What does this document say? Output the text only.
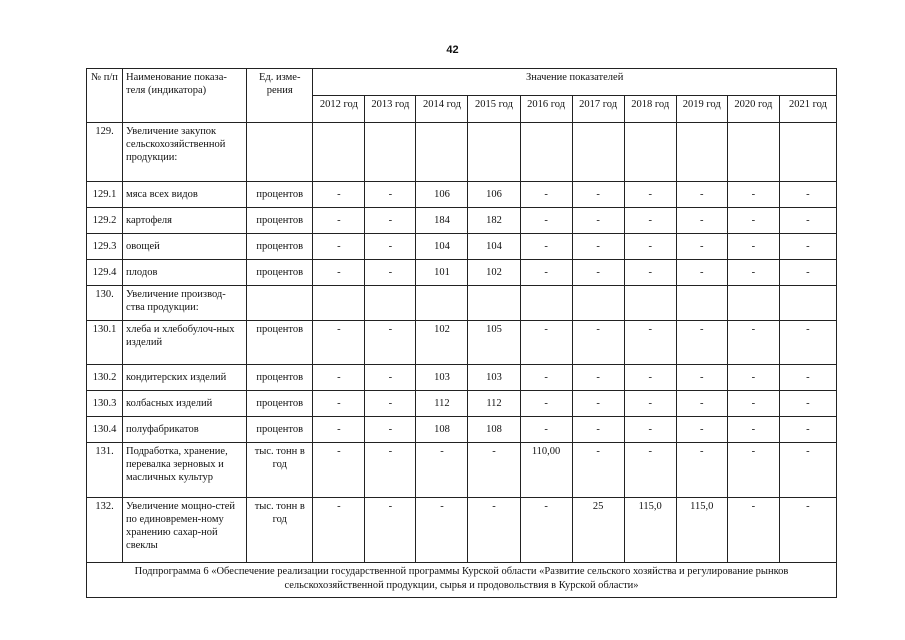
42
№ п/п	Наименование показа-теля (индикатора)	Ед. изме-рения	Значение показателей									
			2012 год	2013 год	2014 год	2015 год	2016 год	2017 год	2018 год	2019 год	2020 год	2021 год
129.	Увеличение закупок сельскохозяйственной продукции:											
129.1	мяса всех видов	процентов	-	-	106	106	-	-	-	-	-	-
129.2	картофеля	процентов	-	-	184	182	-	-	-	-	-	-
129.3	овощей	процентов	-	-	104	104	-	-	-	-	-	-
129.4	плодов	процентов	-	-	101	102	-	-	-	-	-	-
130.	Увеличение производ-ства продукции:											
130.1	хлеба и хлебобулоч-ных изделий	процентов	-	-	102	105	-	-	-	-	-	-
130.2	кондитерских изделий	процентов	-	-	103	103	-	-	-	-	-	-
130.3	колбасных изделий	процентов	-	-	112	112	-	-	-	-	-	-
130.4	полуфабрикатов	процентов	-	-	108	108	-	-	-	-	-	-
131.	Подработка, хранение, перевалка зерновых и масличных культур	тыс. тонн в год	-	-	-	-	110,00	-	-	-	-	-
132.	Увеличение мощно-стей по единовремен-ному хранению сахар-ной свеклы	тыс. тонн в год	-	-	-	-	-	25	115,0	115,0	-	-
Подпрограмма 6 «Обеспечение реализации государственной программы Курской области «Развитие сельского хозяйства и регулирование рынков сельскохозяйственной продукции, сырья и продовольствия в Курской области»												
